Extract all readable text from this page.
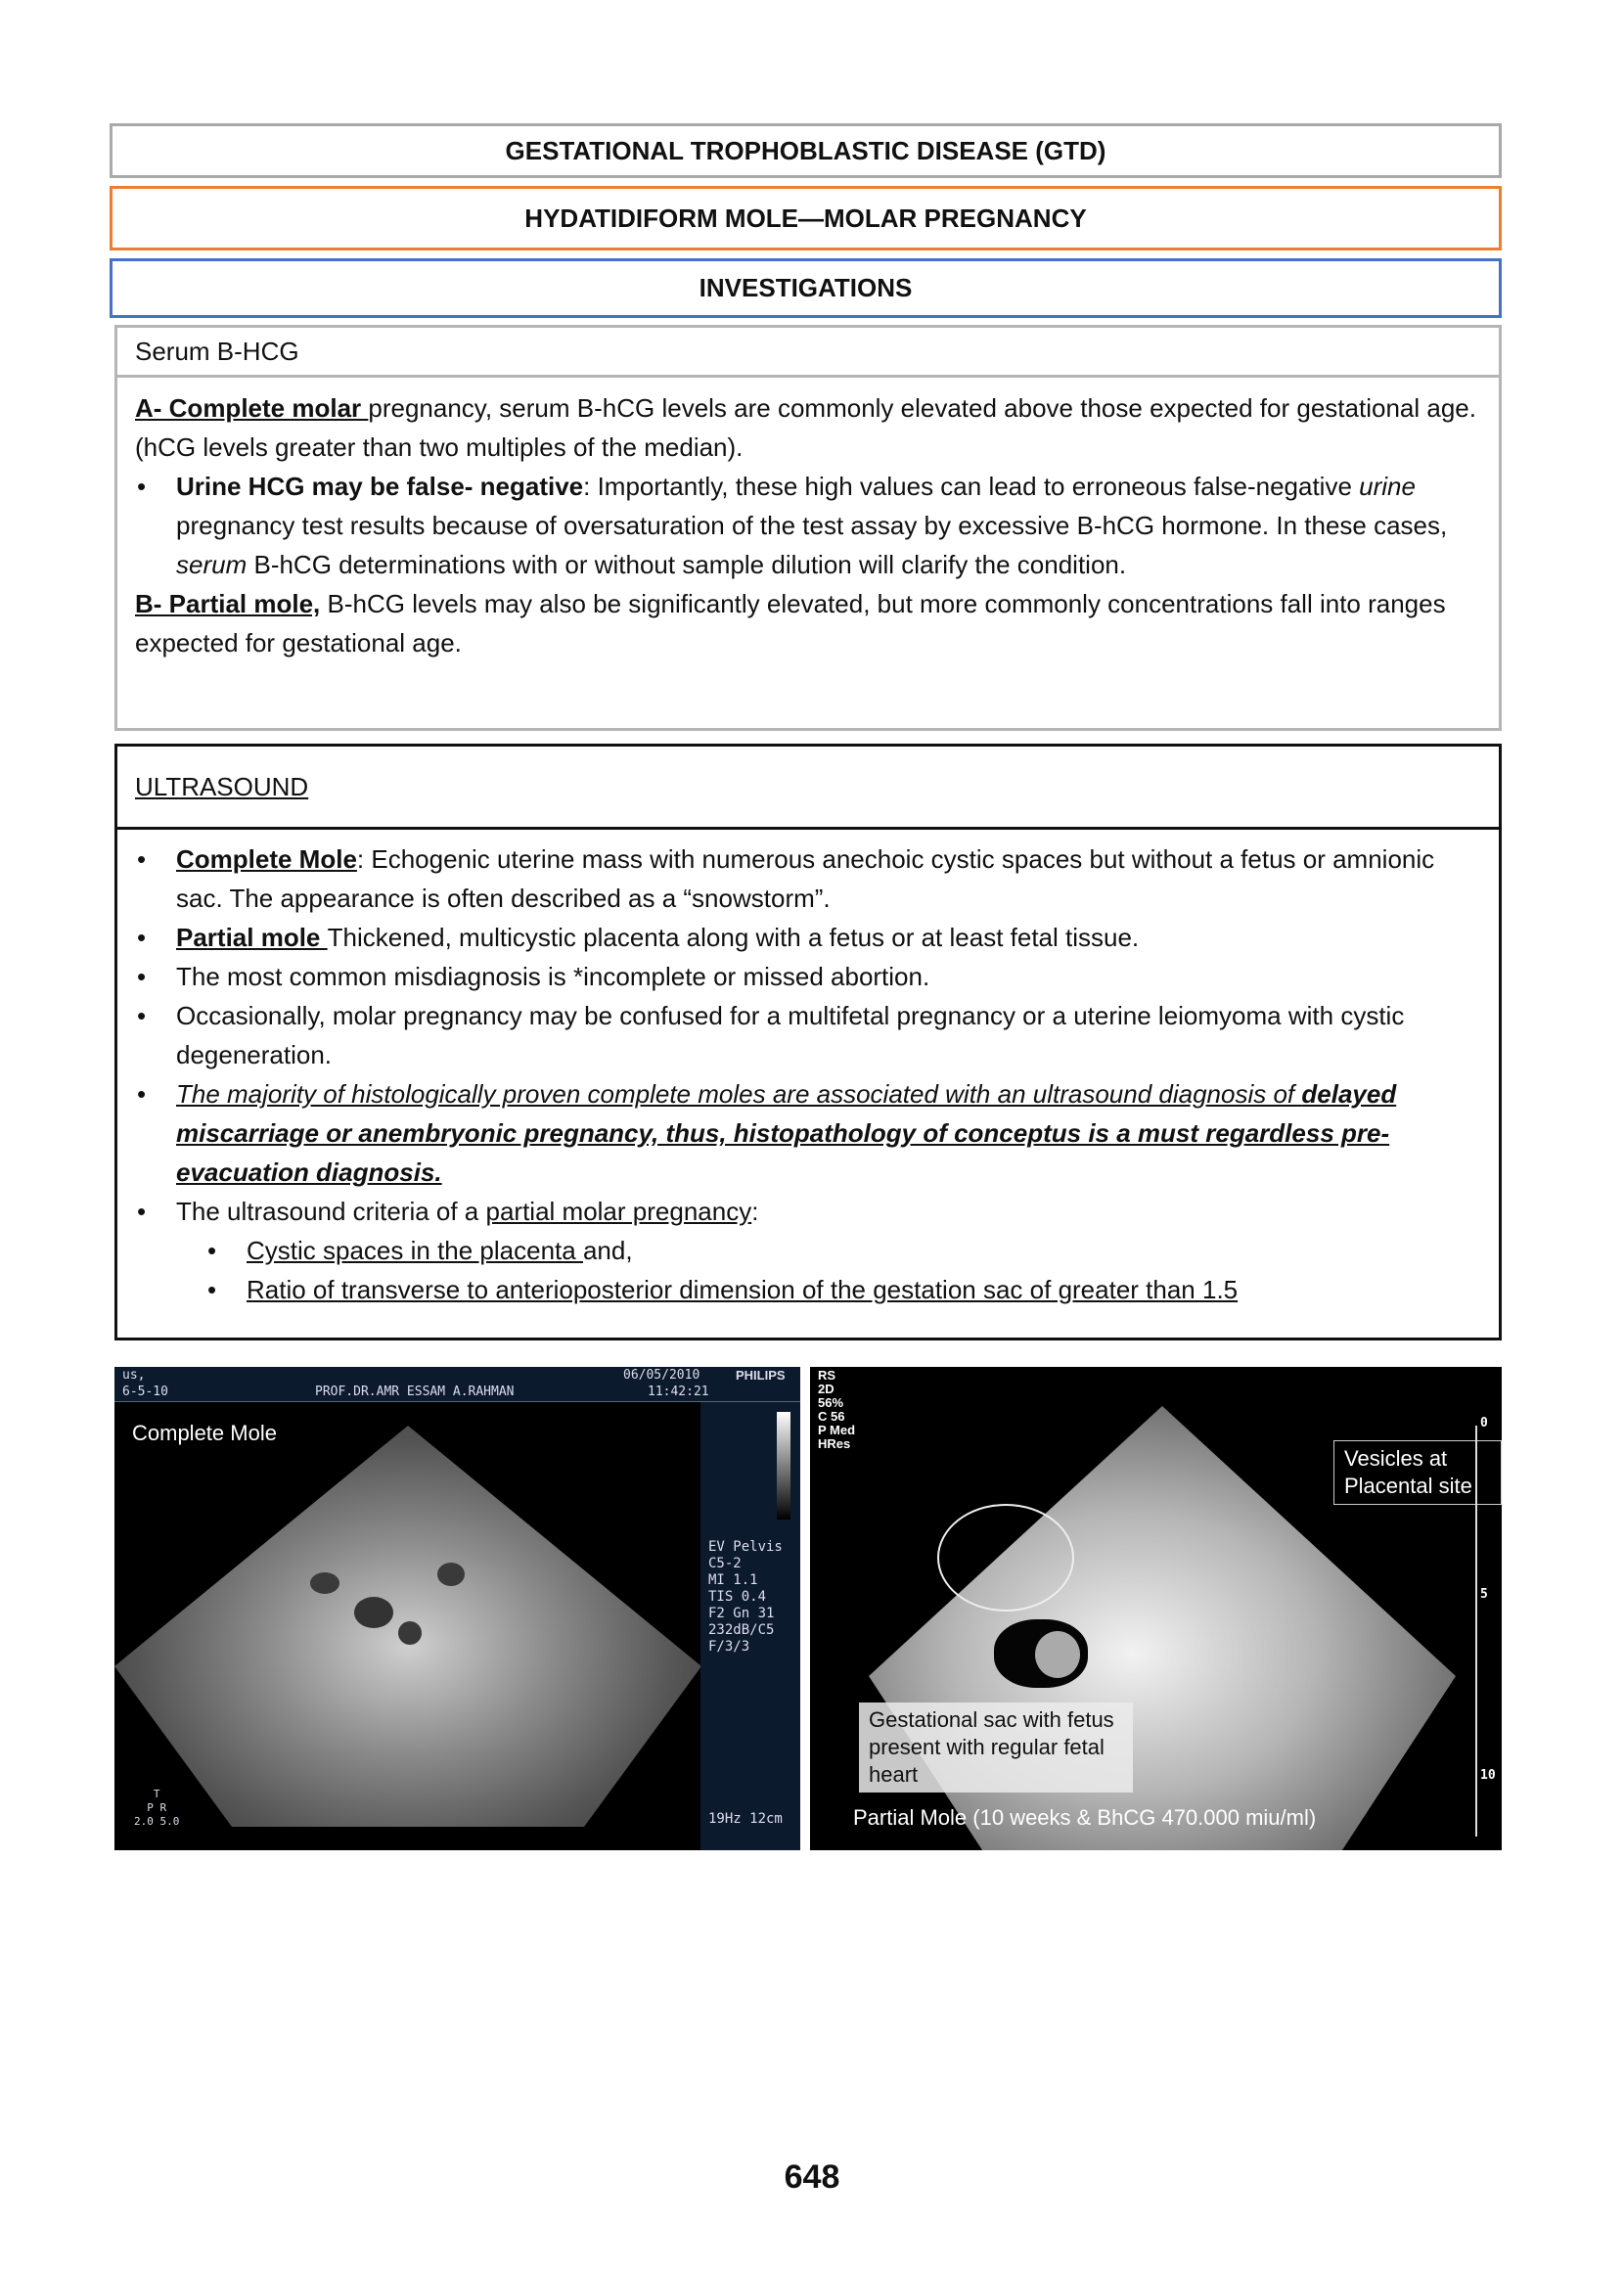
GESTATIONAL TROPHOBLASTIC DISEASE (GTD)
HYDATIDIFORM MOLE—MOLAR PREGNANCY
INVESTIGATIONS
Serum B-HCG
A- Complete molar pregnancy, serum B-hCG levels are commonly elevated above those expected for gestational age.(hCG levels greater than two multiples of the median).
• Urine HCG may be false- negative: Importantly, these high values can lead to erroneous false-negative urine pregnancy test results because of oversaturation of the test assay by excessive B-hCG hormone. In these cases, serum B-hCG determinations with or without sample dilution will clarify the condition.
B- Partial mole, B-hCG levels may also be significantly elevated, but more commonly concentrations fall into ranges expected for gestational age.
ULTRASOUND
• Complete Mole: Echogenic uterine mass with numerous anechoic cystic spaces but without a fetus or amnionic sac. The appearance is often described as a “snowstorm”.
• Partial mole Thickened, multicystic placenta along with a fetus or at least fetal tissue.
• The most common misdiagnosis is *incomplete or missed abortion.
• Occasionally, molar pregnancy may be confused for a multifetal pregnancy or a uterine leiomyoma with cystic degeneration.
• The majority of histologically proven complete moles are associated with an ultrasound diagnosis of delayed miscarriage or anembryonic pregnancy, thus, histopathology of conceptus is a must regardless pre-evacuation diagnosis.
• The ultrasound criteria of a partial molar pregnancy:
• Cystic spaces in the placenta and,
• Ratio of transverse to anterioposterior dimension of the gestation sac of greater than 1.5
us,
6-5-10	PROF.DR.AMR ESSAM A.RAHMAN
06/05/2010
11:42:21
PHILIPS
EV Pelvis
C5-2
MI 1.1
TIS 0.4
F2 Gn 31
232dB/C5
F/3/3
19Hz 12cm
Complete Mole
T
P R
2.0 5.0
RS
2D
56%
C 56
P Med
HRes
Vesicles at Placental site
Gestational sac with fetus present with regular fetal heart
Partial Mole (10 weeks & BhCG 470.000 miu/ml)
0
5
10
648
